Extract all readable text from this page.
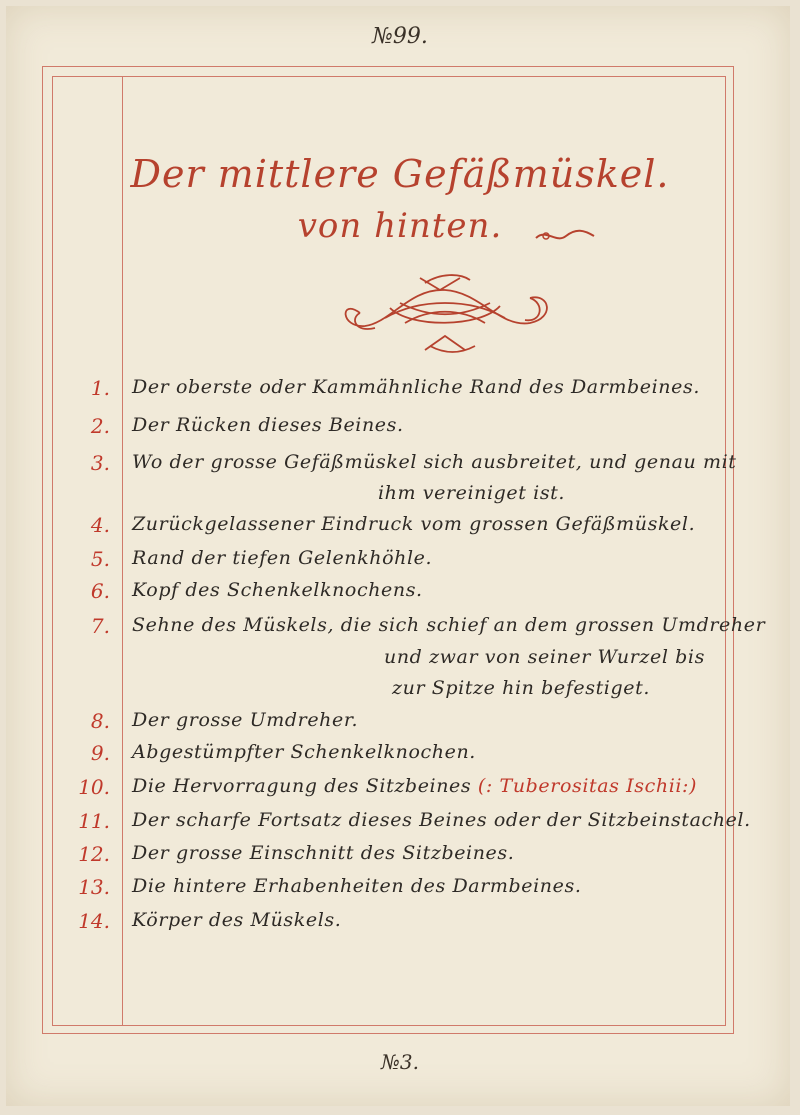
№99.
Der mittlere Gefäßmüskel.
von hinten.
1. Der oberste oder Kammähnliche Rand des Darmbeines.
2. Der Rücken dieses Beines.
3. Wo der grosse Gefäßmüskel sich ausbreitet, und genau mit
ihm vereiniget ist.
4. Zurückgelassener Eindruck vom grossen Gefäßmüskel.
5. Rand der tiefen Gelenkhöhle.
6. Kopf des Schenkelknochens.
7. Sehne des Müskels, die sich schief an dem grossen Umdreher
und zwar von seiner Wurzel bis
zur Spitze hin befestiget.
8. Der grosse Umdreher.
9. Abgestümpfter Schenkelknochen.
10. Die Hervorragung des Sitzbeines (: Tuberositas Ischii:)
11. Der scharfe Fortsatz dieses Beines oder der Sitzbeinstachel.
12. Der grosse Einschnitt des Sitzbeines.
13. Die hintere Erhabenheiten des Darmbeines.
14. Körper des Müskels.
№3.
